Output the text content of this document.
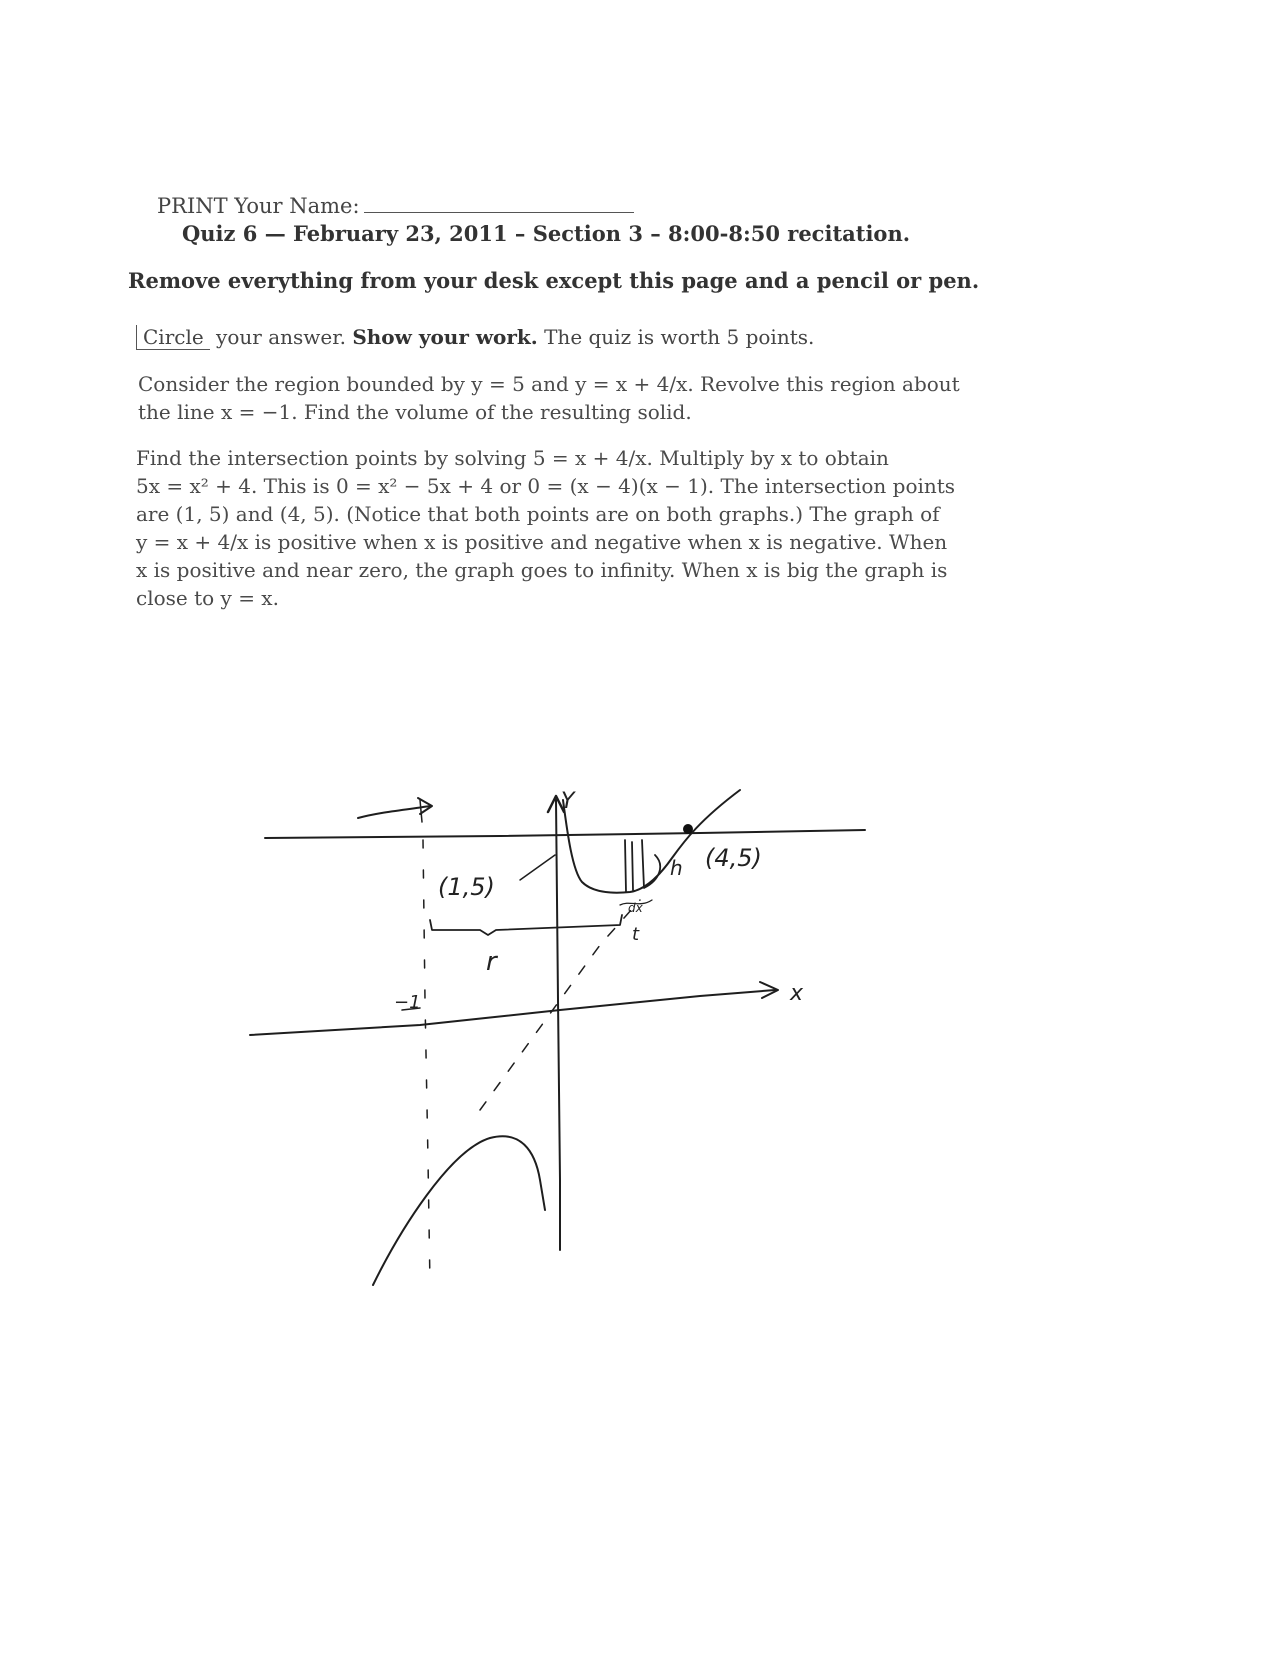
PRINT Your Name:
Quiz 6 — February 23, 2011 – Section 3 – 8:00-8:50 recitation.
Remove everything from your desk except this page and a pencil or pen.
Circle your answer. Show your work. The quiz is worth 5 points.
Consider the region bounded by y = 5 and y = x + 4/x. Revolve this region about
the line x = −1. Find the volume of the resulting solid.
Find the intersection points by solving 5 = x + 4/x. Multiply by x to obtain
5x = x² + 4. This is 0 = x² − 5x + 4 or 0 = (x − 4)(x − 1). The intersection points
are (1, 5) and (4, 5). (Notice that both points are on both graphs.) The graph of
y = x + 4/x is positive when x is positive and negative when x is negative. When
x is positive and near zero, the graph goes to infinity. When x is big the graph is
close to y = x.
Y
x
(1,5)
(4,5)
−1
r
h
t
dx
